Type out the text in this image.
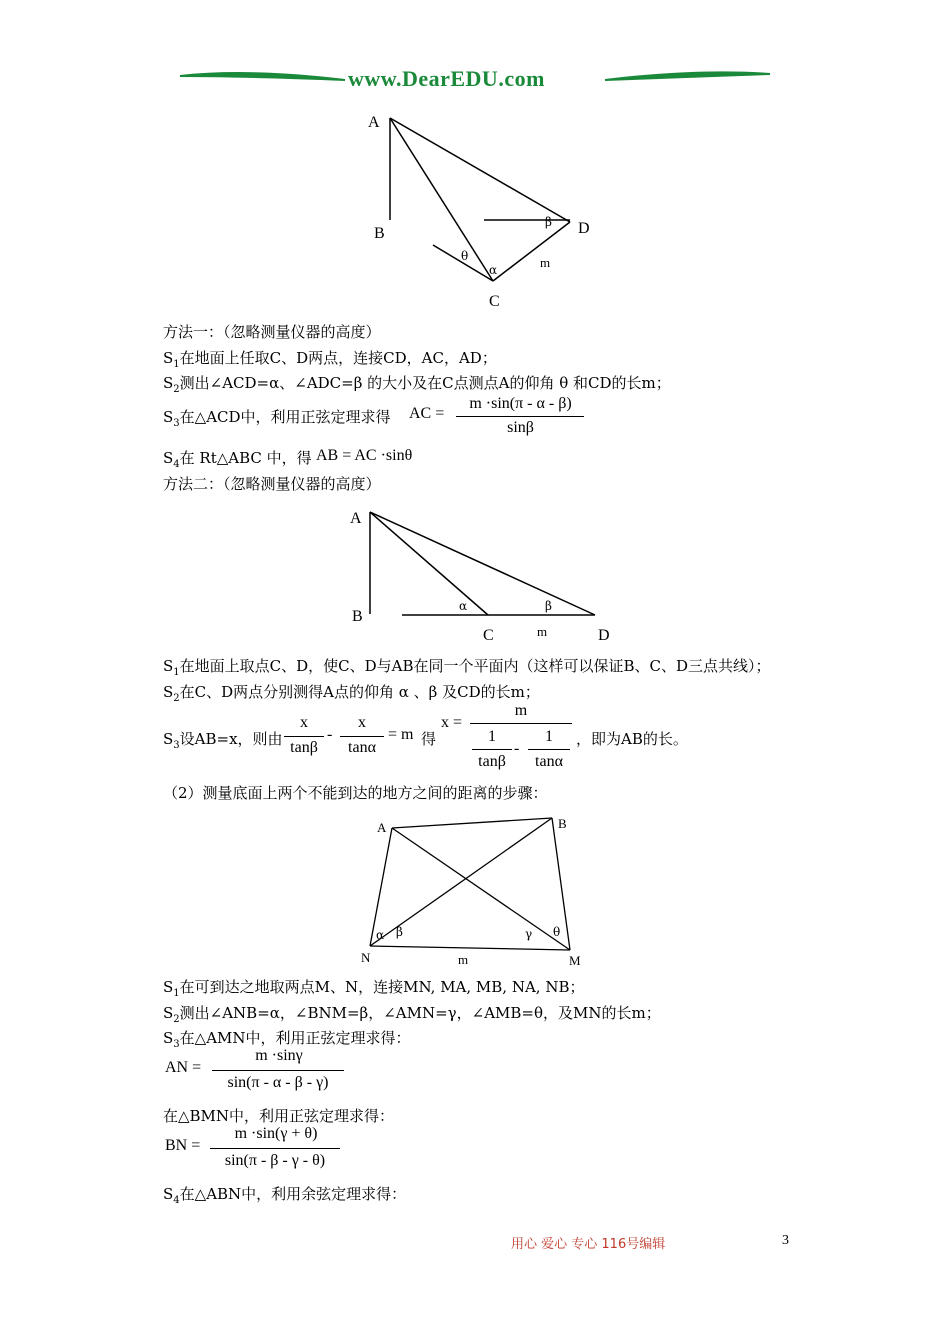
www.DearEDU.com
A
B
C
D
m
β
θ
α
方法一：（忽略测量仪器的高度）
$S_1$在地面上任取C、D两点，连接CD，AC，AD；
$S_2$测出∠ACD=α、∠ADC=β 的大小及在C点测点A的仰角 θ 和CD的长m；
$S_3$在△ACD中，利用正弦定理求得 AC =
m ·sin(π - α - β)
sinβ
$S_4$在 Rt△ABC 中，得 AB = AC ·sinθ
方法二：（忽略测量仪器的高度）
A
B
C	D
m
α	β
$S_1$在地面上取点C、D，使C、D与AB在同一个平面内（这样可以保证B、C、D三点共线）；
$S_2$在C、D两点分别测得A点的仰角 α 、β 及CD的长m；
$S_3$设AB=x，则由
x
tanβ
-
x
tanα
= m 得
x =
m
1
tanβ
-
1
tanα
，即为AB的长。
（2）测量底面上两个不能到达的地方之间的距离的步骤：
A	B
N	M
m
α β	γ θ
$S_1$在可到达之地取两点M、N，连接MN, MA, MB, NA, NB；
$S_2$测出∠ANB=α，∠BNM=β，∠AMN=γ，∠AMB=θ，及MN的长m；
$S_3$在△AMN中，利用正弦定理求得：
AN =
m ·sinγ
sin(π - α - β - γ)
在△BMN中，利用正弦定理求得：
BN =
m ·sin(γ + θ)
sin(π - β - γ - θ)
$S_4$在△ABN中，利用余弦定理求得：
用心 爱心 专心 116号编辑	3
